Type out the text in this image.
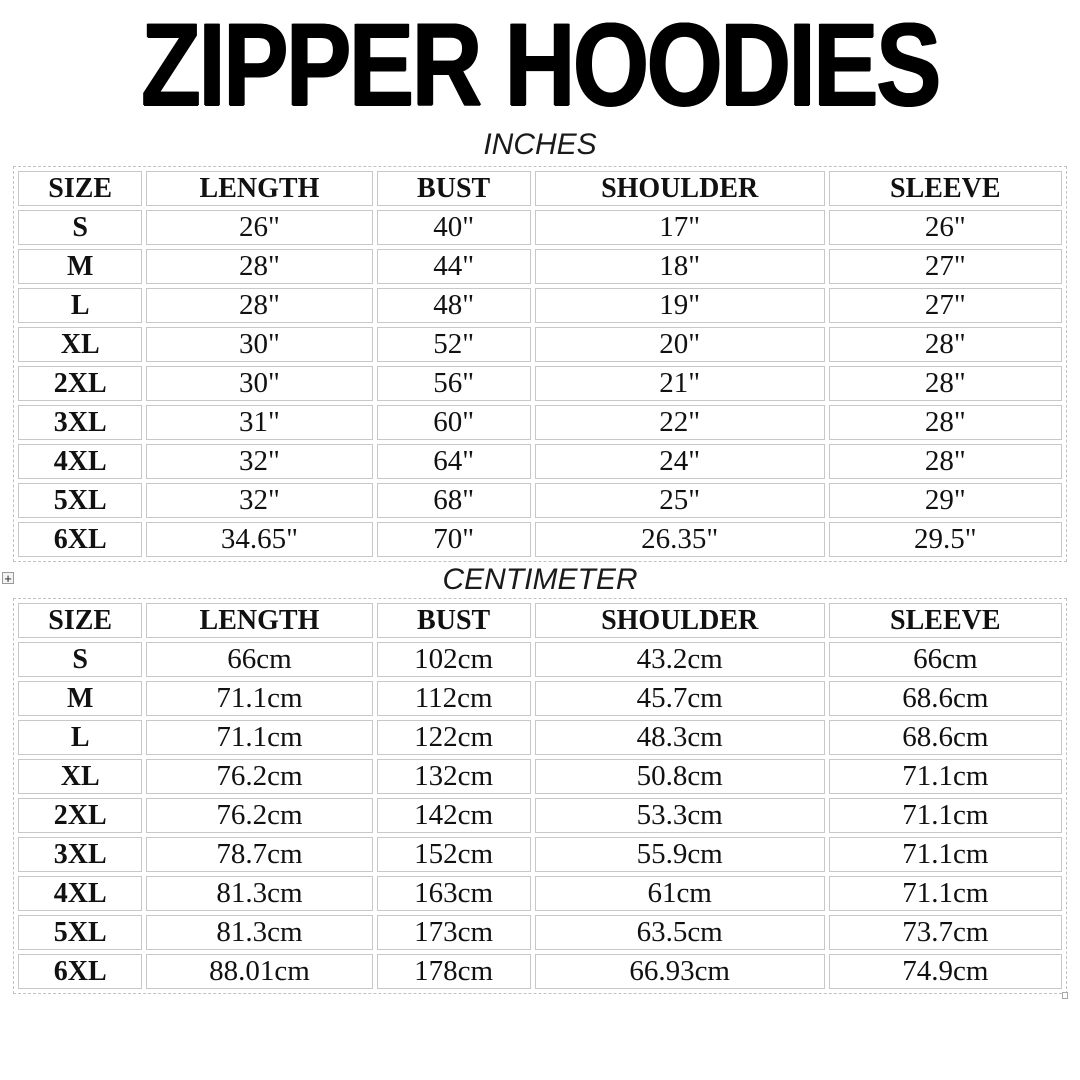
ZIPPER HOODIES
INCHES
SIZE	LENGTH	BUST	SHOULDER	SLEEVE
S	26"	40"	17"	26"
M	28"	44"	18"	27"
L	28"	48"	19"	27"
XL	30"	52"	20"	28"
2XL	30"	56"	21"	28"
3XL	31"	60"	22"	28"
4XL	32"	64"	24"	28"
5XL	32"	68"	25"	29"
6XL	34.65"	70"	26.35"	29.5"
CENTIMETER
SIZE	LENGTH	BUST	SHOULDER	SLEEVE
S	66cm	102cm	43.2cm	66cm
M	71.1cm	112cm	45.7cm	68.6cm
L	71.1cm	122cm	48.3cm	68.6cm
XL	76.2cm	132cm	50.8cm	71.1cm
2XL	76.2cm	142cm	53.3cm	71.1cm
3XL	78.7cm	152cm	55.9cm	71.1cm
4XL	81.3cm	163cm	61cm	71.1cm
5XL	81.3cm	173cm	63.5cm	73.7cm
6XL	88.01cm	178cm	66.93cm	74.9cm
+
